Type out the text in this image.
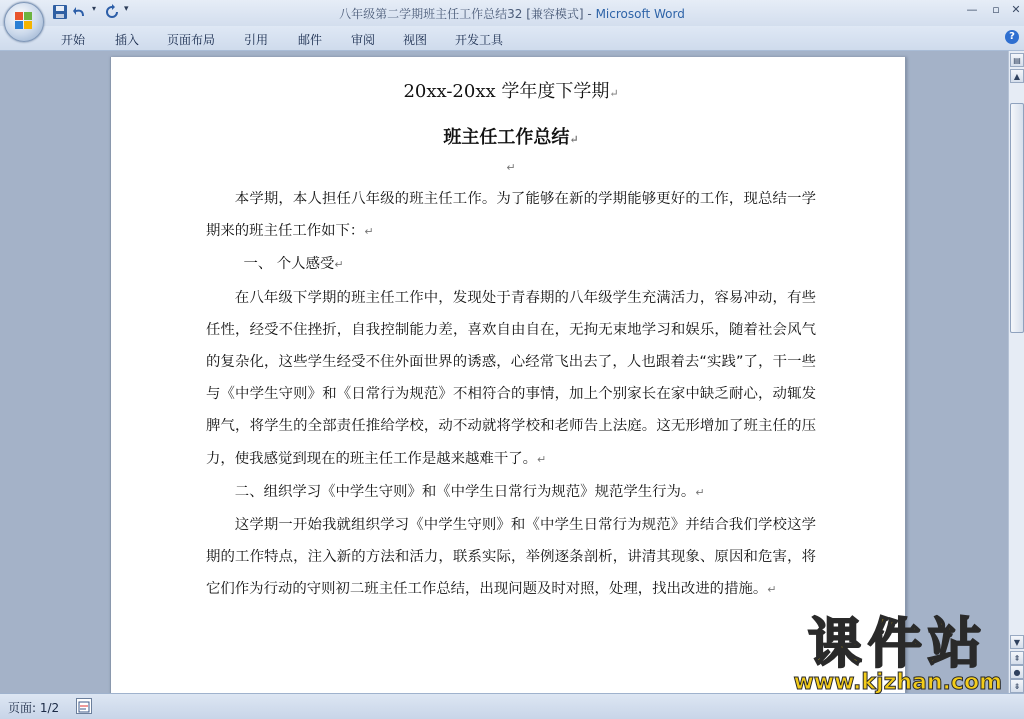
▾	▾	八年级第二学期班主任工作总结32 [兼容模式] - Microsoft Word	—	▫	✕
开始 插入 页面布局 引用 邮件 审阅 视图 开发工具	?
20xx-20xx 学年度下学期↵
班主任工作总结↵
↵

本学期，本人担任八年级的班主任工作。为了能够在新的学期能够更好的工作，现总结一学期来的班主任工作如下：↵

一、 个人感受↵

在八年级下学期的班主任工作中，发现处于青春期的八年级学生充满活力，容易冲动，有些任性，经受不住挫折，自我控制能力差，喜欢自由自在，无拘无束地学习和娱乐，随着社会风气的复杂化，这些学生经受不住外面世界的诱惑，心经常飞出去了，人也跟着去“实践”了，干一些与《中学生守则》和《日常行为规范》不相符合的事情，加上个别家长在家中缺乏耐心，动辄发脾气，将学生的全部责任推给学校，动不动就将学校和老师告上法庭。这无形增加了班主任的压力，使我感觉到现在的班主任工作是越来越难干了。↵

二、组织学习《中学生守则》和《中学生日常行为规范》规范学生行为。↵

这学期一开始我就组织学习《中学生守则》和《中学生日常行为规范》并结合我们学校这学期的工作特点，注入新的方法和活力，联系实际，举例逐条剖析，讲清其现象、原因和危害，将它们作为行动的守则初二班主任工作总结，出现问题及时对照，处理，找出改进的措施。↵

▤
▲
▼
⇞
●
⇟
页面: 1/2
课件站
www.kjzhan.com
